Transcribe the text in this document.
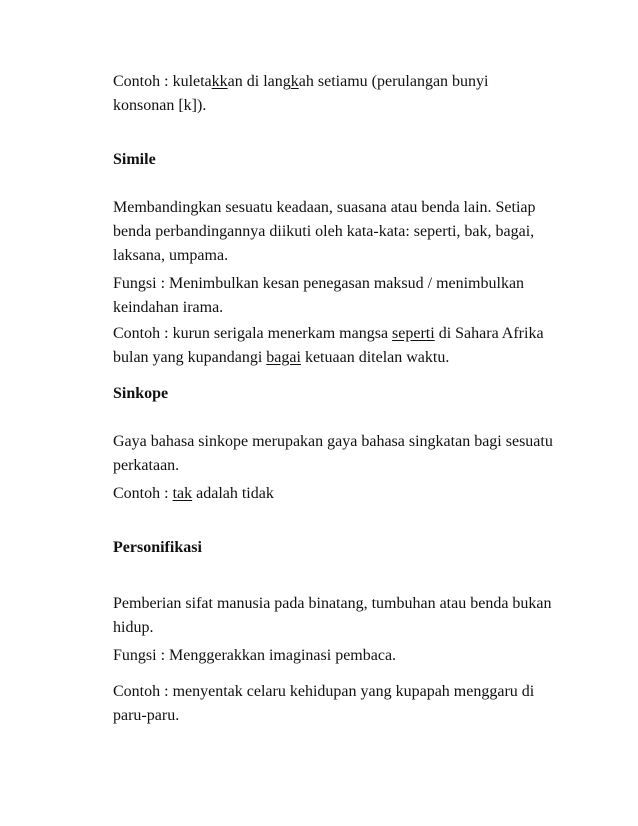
Contoh : kuletakkan di langkah setiamu (perulangan bunyi konsonan [k]).

Simile

Membandingkan sesuatu keadaan, suasana atau benda lain. Setiap benda perbandingannya diikuti oleh kata-kata: seperti, bak, bagai, laksana, umpama.

Fungsi : Menimbulkan kesan penegasan maksud / menimbulkan keindahan irama.

Contoh : kurun serigala menerkam mangsa seperti di Sahara Afrika bulan yang kupandangi bagai ketuaan ditelan waktu.

Sinkope

Gaya bahasa sinkope merupakan gaya bahasa singkatan bagi sesuatu perkataan.

Contoh : tak adalah tidak

Personifikasi

Pemberian sifat manusia pada binatang, tumbuhan atau benda bukan hidup.

Fungsi : Menggerakkan imaginasi pembaca.

Contoh : menyentak celaru kehidupan yang kupapah menggaru di paru-paru.
